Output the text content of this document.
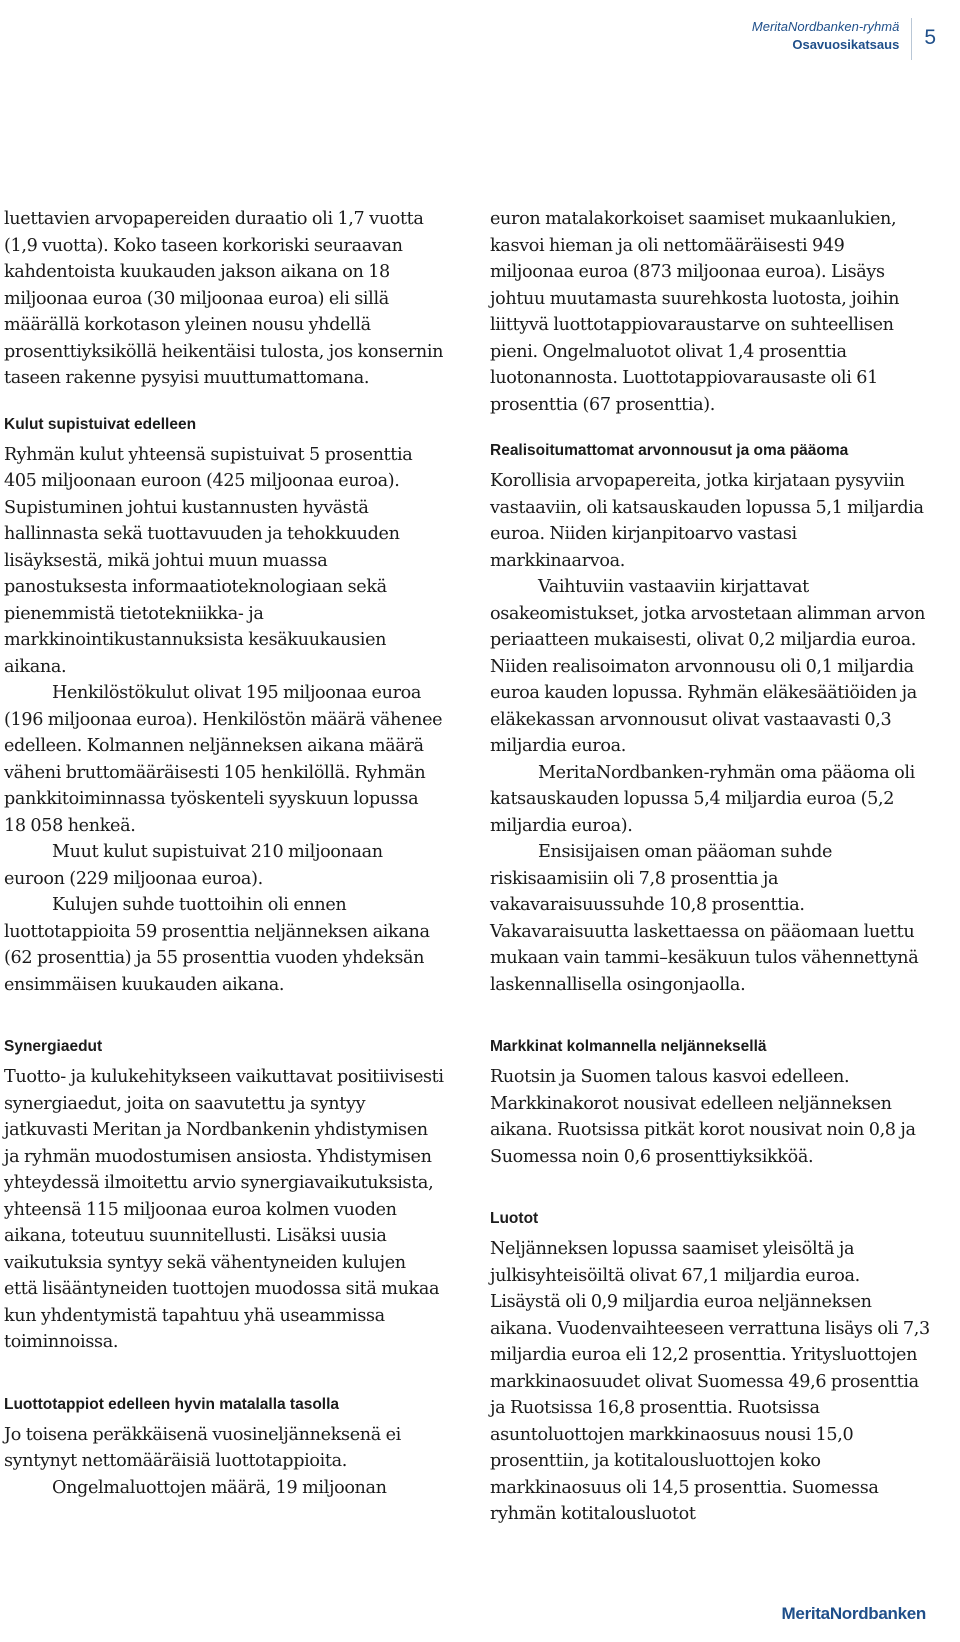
MeritaNordbanken-ryhmä
Osavuosikatsaus	5

luettavien arvopapereiden duraatio oli 1,7 vuotta (1,9 vuotta). Koko taseen korkoriski seuraavan kahdentoista kuukauden jakson aikana on 18 miljoonaa euroa (30 miljoonaa euroa) eli sillä määrällä korkotason yleinen nousu yhdellä prosenttiyksiköllä heikentäisi tulosta, jos konsernin taseen rakenne pysyisi muuttumattomana.

Kulut supistuivat edelleen

Ryhmän kulut yhteensä supistuivat 5 prosenttia 405 miljoonaan euroon (425 miljoonaa euroa). Supistuminen johtui kustannusten hyvästä hallinnasta sekä tuottavuuden ja tehokkuuden lisäyksestä, mikä johtui muun muassa panostuksesta informaatioteknologiaan sekä pienemmistä tietotekniikka- ja markkinointikustannuksista kesäkuukausien aikana.

Henkilöstökulut olivat 195 miljoonaa euroa (196 miljoonaa euroa). Henkilöstön määrä vähenee edelleen. Kolmannen neljänneksen aikana määrä väheni bruttomääräisesti 105 henkilöllä. Ryhmän pankkitoiminnassa työskenteli syyskuun lopussa 18 058 henkeä.

Muut kulut supistuivat 210 miljoonaan euroon (229 miljoonaa euroa).

Kulujen suhde tuottoihin oli ennen luottotappioita 59 prosenttia neljänneksen aikana (62 prosenttia) ja 55 prosenttia vuoden yhdeksän ensimmäisen kuukauden aikana.

Synergiaedut

Tuotto- ja kulukehitykseen vaikuttavat positiivisesti synergiaedut, joita on saavutettu ja syntyy jatkuvasti Meritan ja Nordbankenin yhdistymisen ja ryhmän muodostumisen ansiosta. Yhdistymisen yhteydessä ilmoitettu arvio synergiavaikutuksista, yhteensä 115 miljoonaa euroa kolmen vuoden aikana, toteutuu suunnitellusti. Lisäksi uusia vaikutuksia syntyy sekä vähentyneiden kulujen että lisääntyneiden tuottojen muodossa sitä mukaa kun yhdentymistä tapahtuu yhä useammissa toiminnoissa.

Luottotappiot edelleen hyvin matalalla tasolla

Jo toisena peräkkäisenä vuosineljänneksenä ei syntynyt nettomääräisiä luottotappioita.

Ongelmaluottojen määrä, 19 miljoonan

euron matalakorkoiset saamiset mukaanlukien, kasvoi hieman ja oli nettomääräisesti 949 miljoonaa euroa (873 miljoonaa euroa). Lisäys johtuu muutamasta suurehkosta luotosta, joihin liittyvä luottotappiovaraustarve on suhteellisen pieni. Ongelmaluotot olivat 1,4 prosenttia luotonannosta. Luottotappiovarausaste oli 61 prosenttia (67 prosenttia).

Realisoitumattomat arvonnousut ja oma pääoma

Korollisia arvopapereita, jotka kirjataan pysyviin vastaaviin, oli katsauskauden lopussa 5,1 miljardia euroa. Niiden kirjanpitoarvo vastasi markkinaarvoa.

Vaihtuviin vastaaviin kirjattavat osakeomistukset, jotka arvostetaan alimman arvon periaatteen mukaisesti, olivat 0,2 miljardia euroa. Niiden realisoimaton arvonnousu oli 0,1 miljardia euroa kauden lopussa. Ryhmän eläkesäätiöiden ja eläkekassan arvonnousut olivat vastaavasti 0,3 miljardia euroa.

MeritaNordbanken-ryhmän oma pääoma oli katsauskauden lopussa 5,4 miljardia euroa (5,2 miljardia euroa).

Ensisijaisen oman pääoman suhde riskisaamisiin oli 7,8 prosenttia ja vakavaraisuussuhde 10,8 prosenttia. Vakavaraisuutta laskettaessa on pääomaan luettu mukaan vain tammi–kesäkuun tulos vähennettynä laskennallisella osingonjaolla.

Markkinat kolmannella neljänneksellä

Ruotsin ja Suomen talous kasvoi edelleen. Markkinakorot nousivat edelleen neljänneksen aikana. Ruotsissa pitkät korot nousivat noin 0,8 ja Suomessa noin 0,6 prosenttiyksikköä.

Luotot

Neljänneksen lopussa saamiset yleisöltä ja julkisyhteisöiltä olivat 67,1 miljardia euroa. Lisäystä oli 0,9 miljardia euroa neljänneksen aikana. Vuodenvaihteeseen verrattuna lisäys oli 7,3 miljardia euroa eli 12,2 prosenttia. Yritysluottojen markkinaosuudet olivat Suomessa 49,6 prosenttia ja Ruotsissa 16,8 prosenttia. Ruotsissa asuntoluottojen markkinaosuus nousi 15,0 prosenttiin, ja kotitalousluottojen koko markkinaosuus oli 14,5 prosenttia. Suomessa ryhmän kotitalousluotot

MeritaNordbanken
